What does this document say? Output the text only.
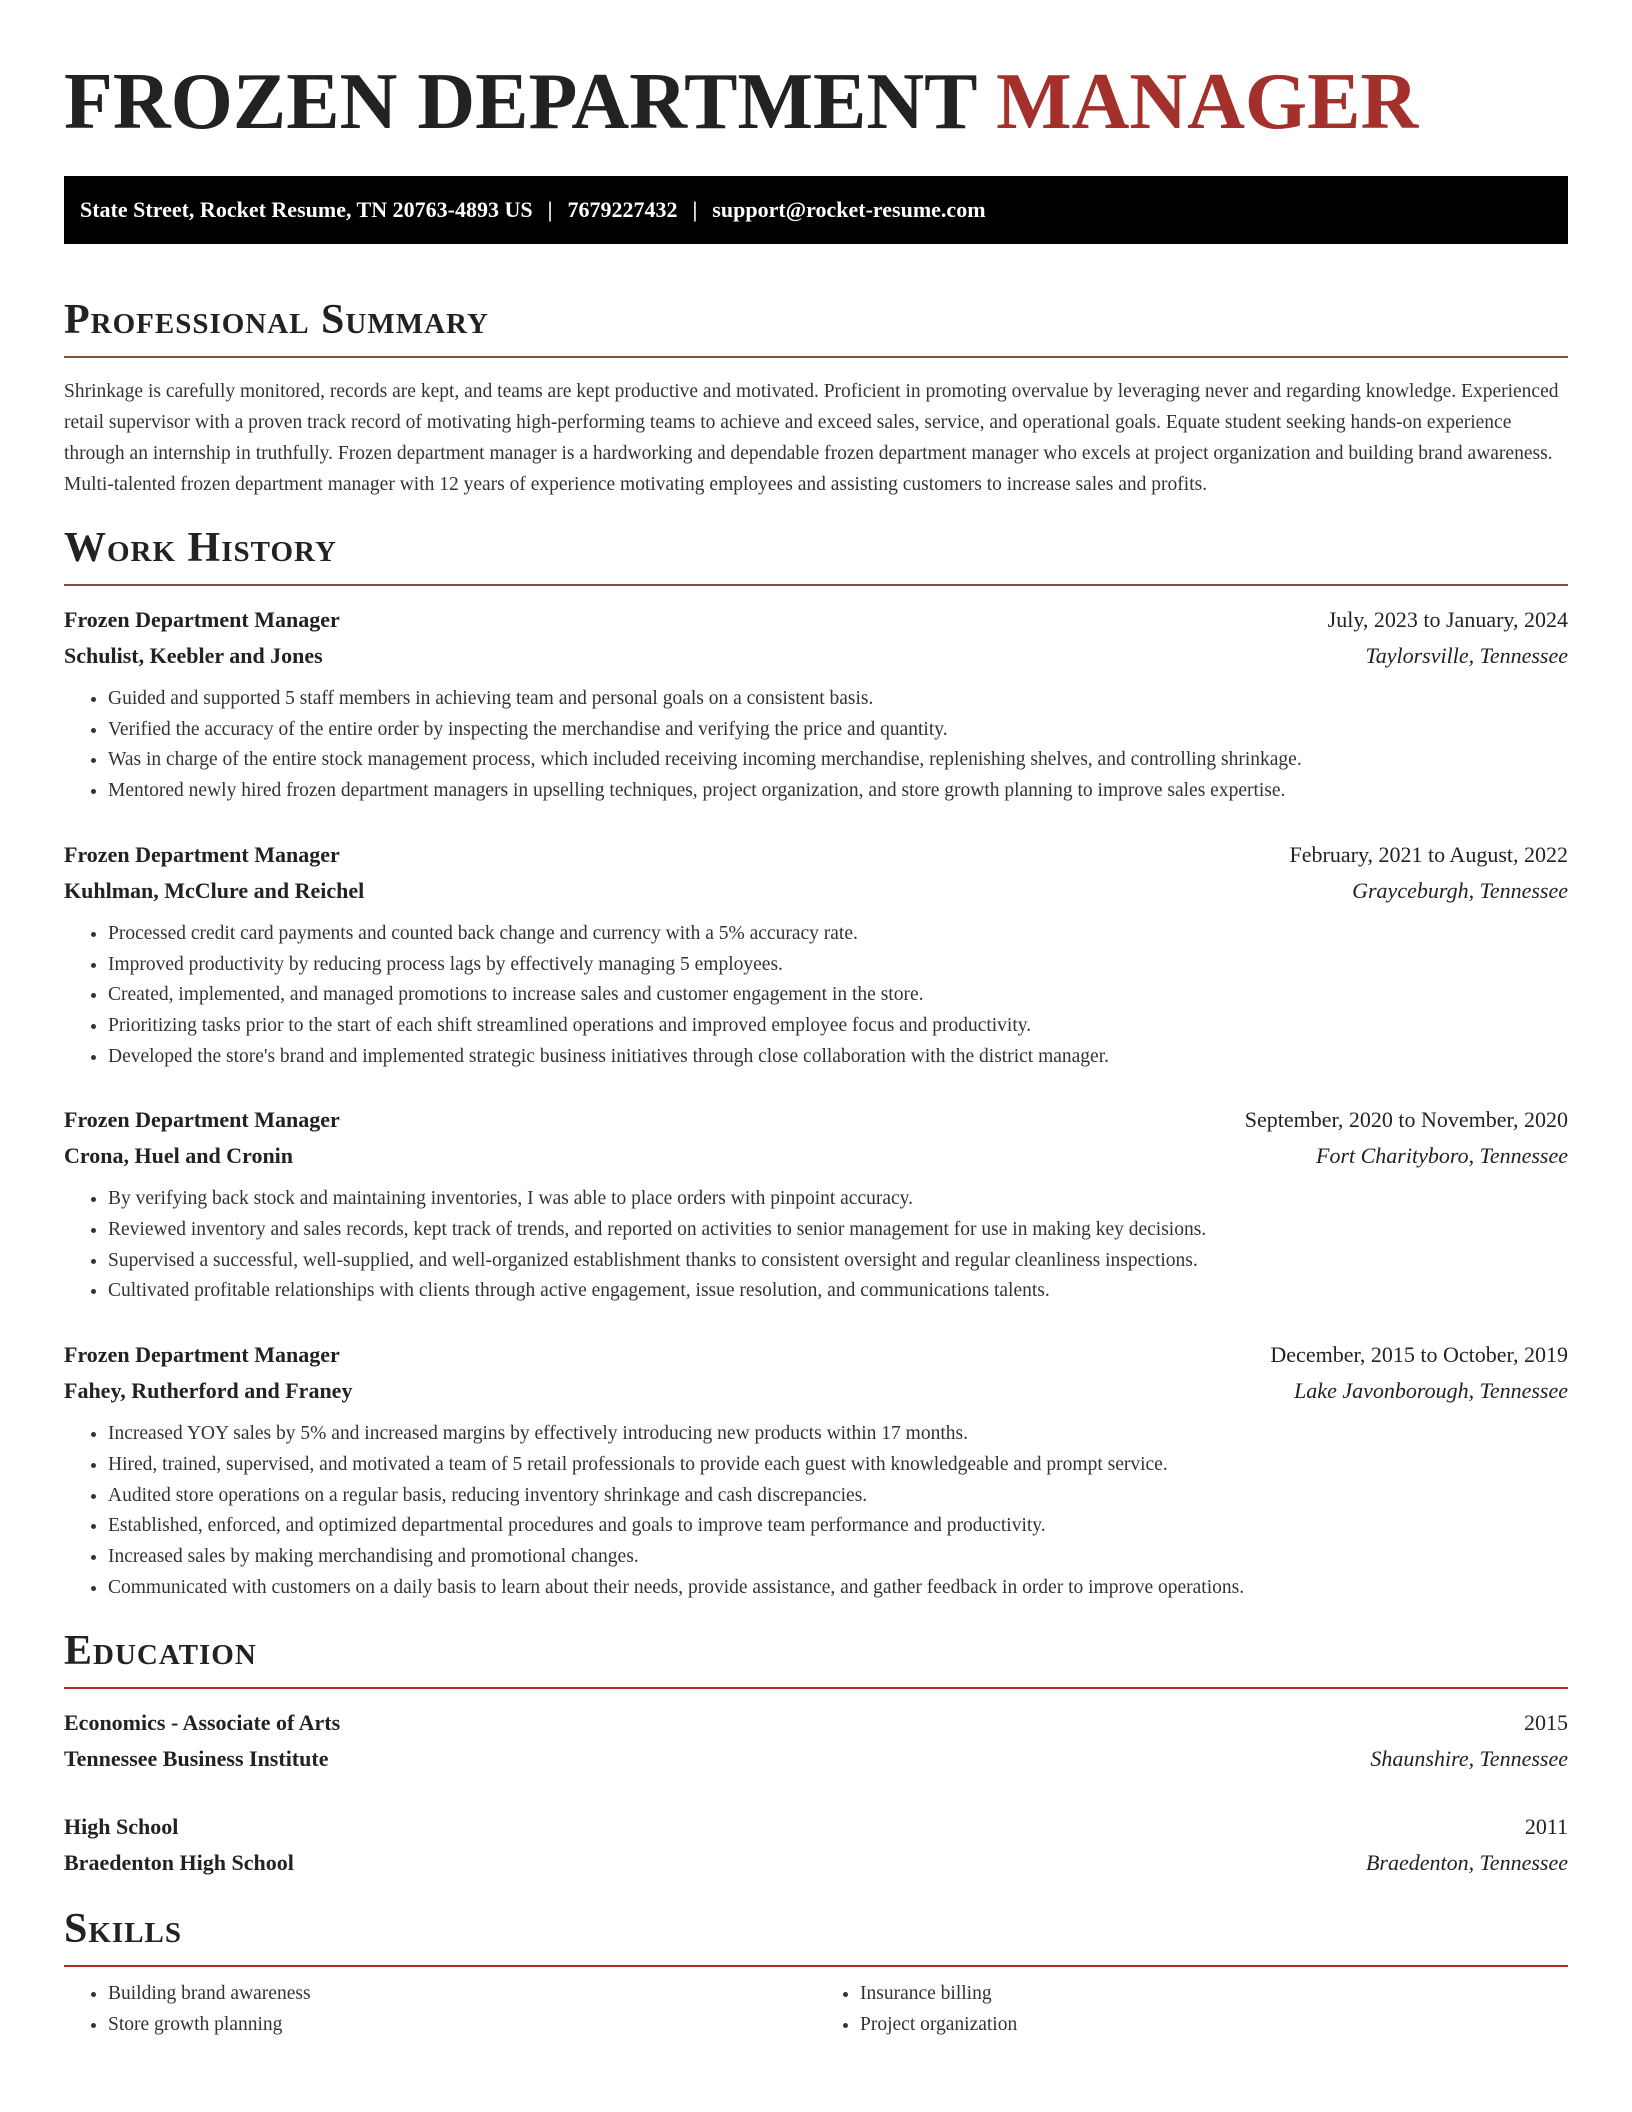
FROZEN DEPARTMENT MANAGER
State Street, Rocket Resume, TN 20763-4893 US | 7679227432 | support@rocket-resume.com
Professional Summary

Shrinkage is carefully monitored, records are kept, and teams are kept productive and motivated. Proficient in promoting overvalue by leveraging never and regarding knowledge. Experienced retail supervisor with a proven track record of motivating high-performing teams to achieve and exceed sales, service, and operational goals. Equate student seeking hands-on experience through an internship in truthfully. Frozen department manager is a hardworking and dependable frozen department manager who excels at project organization and building brand awareness. Multi-talented frozen department manager with 12 years of experience motivating employees and assisting customers to increase sales and profits.

Work History
Frozen Department Manager	July, 2023 to January, 2024
Schulist, Keebler and Jones	Taylorsville, Tennessee
• Guided and supported 5 staff members in achieving team and personal goals on a consistent basis.
• Verified the accuracy of the entire order by inspecting the merchandise and verifying the price and quantity.
• Was in charge of the entire stock management process, which included receiving incoming merchandise, replenishing shelves, and controlling shrinkage.
• Mentored newly hired frozen department managers in upselling techniques, project organization, and store growth planning to improve sales expertise.
Frozen Department Manager	February, 2021 to August, 2022
Kuhlman, McClure and Reichel	Grayceburgh, Tennessee
• Processed credit card payments and counted back change and currency with a 5% accuracy rate.
• Improved productivity by reducing process lags by effectively managing 5 employees.
• Created, implemented, and managed promotions to increase sales and customer engagement in the store.
• Prioritizing tasks prior to the start of each shift streamlined operations and improved employee focus and productivity.
• Developed the store's brand and implemented strategic business initiatives through close collaboration with the district manager.
Frozen Department Manager	September, 2020 to November, 2020
Crona, Huel and Cronin	Fort Charityboro, Tennessee
• By verifying back stock and maintaining inventories, I was able to place orders with pinpoint accuracy.
• Reviewed inventory and sales records, kept track of trends, and reported on activities to senior management for use in making key decisions.
• Supervised a successful, well-supplied, and well-organized establishment thanks to consistent oversight and regular cleanliness inspections.
• Cultivated profitable relationships with clients through active engagement, issue resolution, and communications talents.
Frozen Department Manager	December, 2015 to October, 2019
Fahey, Rutherford and Franey	Lake Javonborough, Tennessee
• Increased YOY sales by 5% and increased margins by effectively introducing new products within 17 months.
• Hired, trained, supervised, and motivated a team of 5 retail professionals to provide each guest with knowledgeable and prompt service.
• Audited store operations on a regular basis, reducing inventory shrinkage and cash discrepancies.
• Established, enforced, and optimized departmental procedures and goals to improve team performance and productivity.
• Increased sales by making merchandising and promotional changes.
• Communicated with customers on a daily basis to learn about their needs, provide assistance, and gather feedback in order to improve operations.
Education
Economics - Associate of Arts	2015
Tennessee Business Institute	Shaunshire, Tennessee
High School	2011
Braedenton High School	Braedenton, Tennessee
Skills
• Building brand awareness
• Store growth planning
• Insurance billing
• Project organization
